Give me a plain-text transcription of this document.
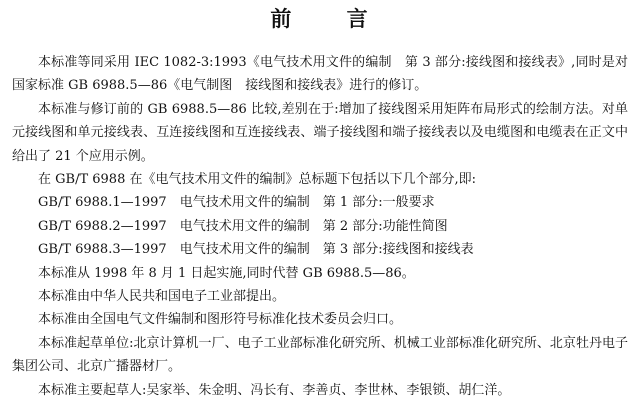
前 言

本标准等同采用 IEC 1082-3:1993《电气技术用文件的编制　第 3 部分:接线图和接线表》,同时是对国家标准 GB 6988.5—86《电气制图　接线图和接线表》进行的修订。

本标准与修订前的 GB 6988.5—86 比较,差别在于:增加了接线图采用矩阵布局形式的绘制方法。对单元接线图和单元接线表、互连接线图和互连接线表、端子接线图和端子接线表以及电缆图和电缆表在正文中给出了 21 个应用示例。

在 GB/T 6988 在《电气技术用文件的编制》总标题下包括以下几个部分,即:

GB/T 6988.1—1997　电气技术用文件的编制　第 1 部分:一般要求

GB/T 6988.2—1997　电气技术用文件的编制　第 2 部分:功能性简图

GB/T 6988.3—1997　电气技术用文件的编制　第 3 部分:接线图和接线表

本标准从 1998 年 8 月 1 日起实施,同时代替 GB 6988.5—86。

本标准由中华人民共和国电子工业部提出。

本标准由全国电气文件编制和图形符号标准化技术委员会归口。

本标准起草单位:北京计算机一厂、电子工业部标准化研究所、机械工业部标准化研究所、北京牡丹电子集团公司、北京广播器材厂。

本标准主要起草人:吴家举、朱金明、冯长有、李善贞、李世林、李银锁、胡仁洋。
